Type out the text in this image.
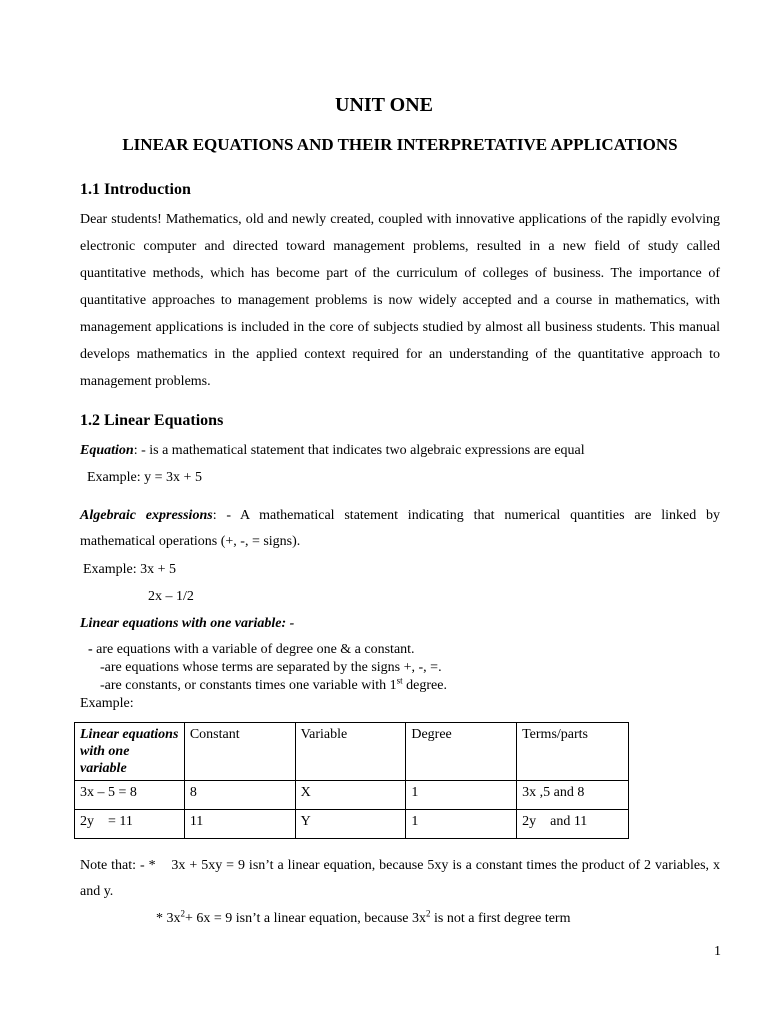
UNIT ONE
LINEAR EQUATIONS AND THEIR INTERPRETATIVE APPLICATIONS
1.1 Introduction

Dear students! Mathematics, old and newly created, coupled with innovative applications of the rapidly evolving electronic computer and directed toward management problems, resulted in a new field of study called quantitative methods, which has become part of the curriculum of colleges of business. The importance of quantitative approaches to management problems is now widely accepted and a course in mathematics, with management applications is included in the core of subjects studied by almost all business students. This manual develops mathematics in the applied context required for an understanding of the quantitative approach to management problems.

1.2 Linear Equations
Equation: - is a mathematical statement that indicates two algebraic expressions are equal
Example: y = 3x + 5
Algebraic expressions: - A mathematical statement indicating that numerical quantities are linked by mathematical operations (+, -, = signs).
Example: 3x + 5
2x – 1/2
Linear equations with one variable: -
- are equations with a variable of degree one & a constant.
-are equations whose terms are separated by the signs +, -, =.
-are constants, or constants times one variable with 1st degree.
Example:
Linear equations with one variable	Constant	Variable	Degree	Terms/parts
3x – 5 = 8	8	X	1	3x ,5 and 8
2y    = 11	11	Y	1	2y    and 11
Note that: - *    3x + 5xy = 9 isn’t a linear equation, because 5xy is a constant times the product of 2 variables, x and y.
* $3x^2+ 6x = 9$ isn’t a linear equation, because $3x^2$ is not a first degree term
1
